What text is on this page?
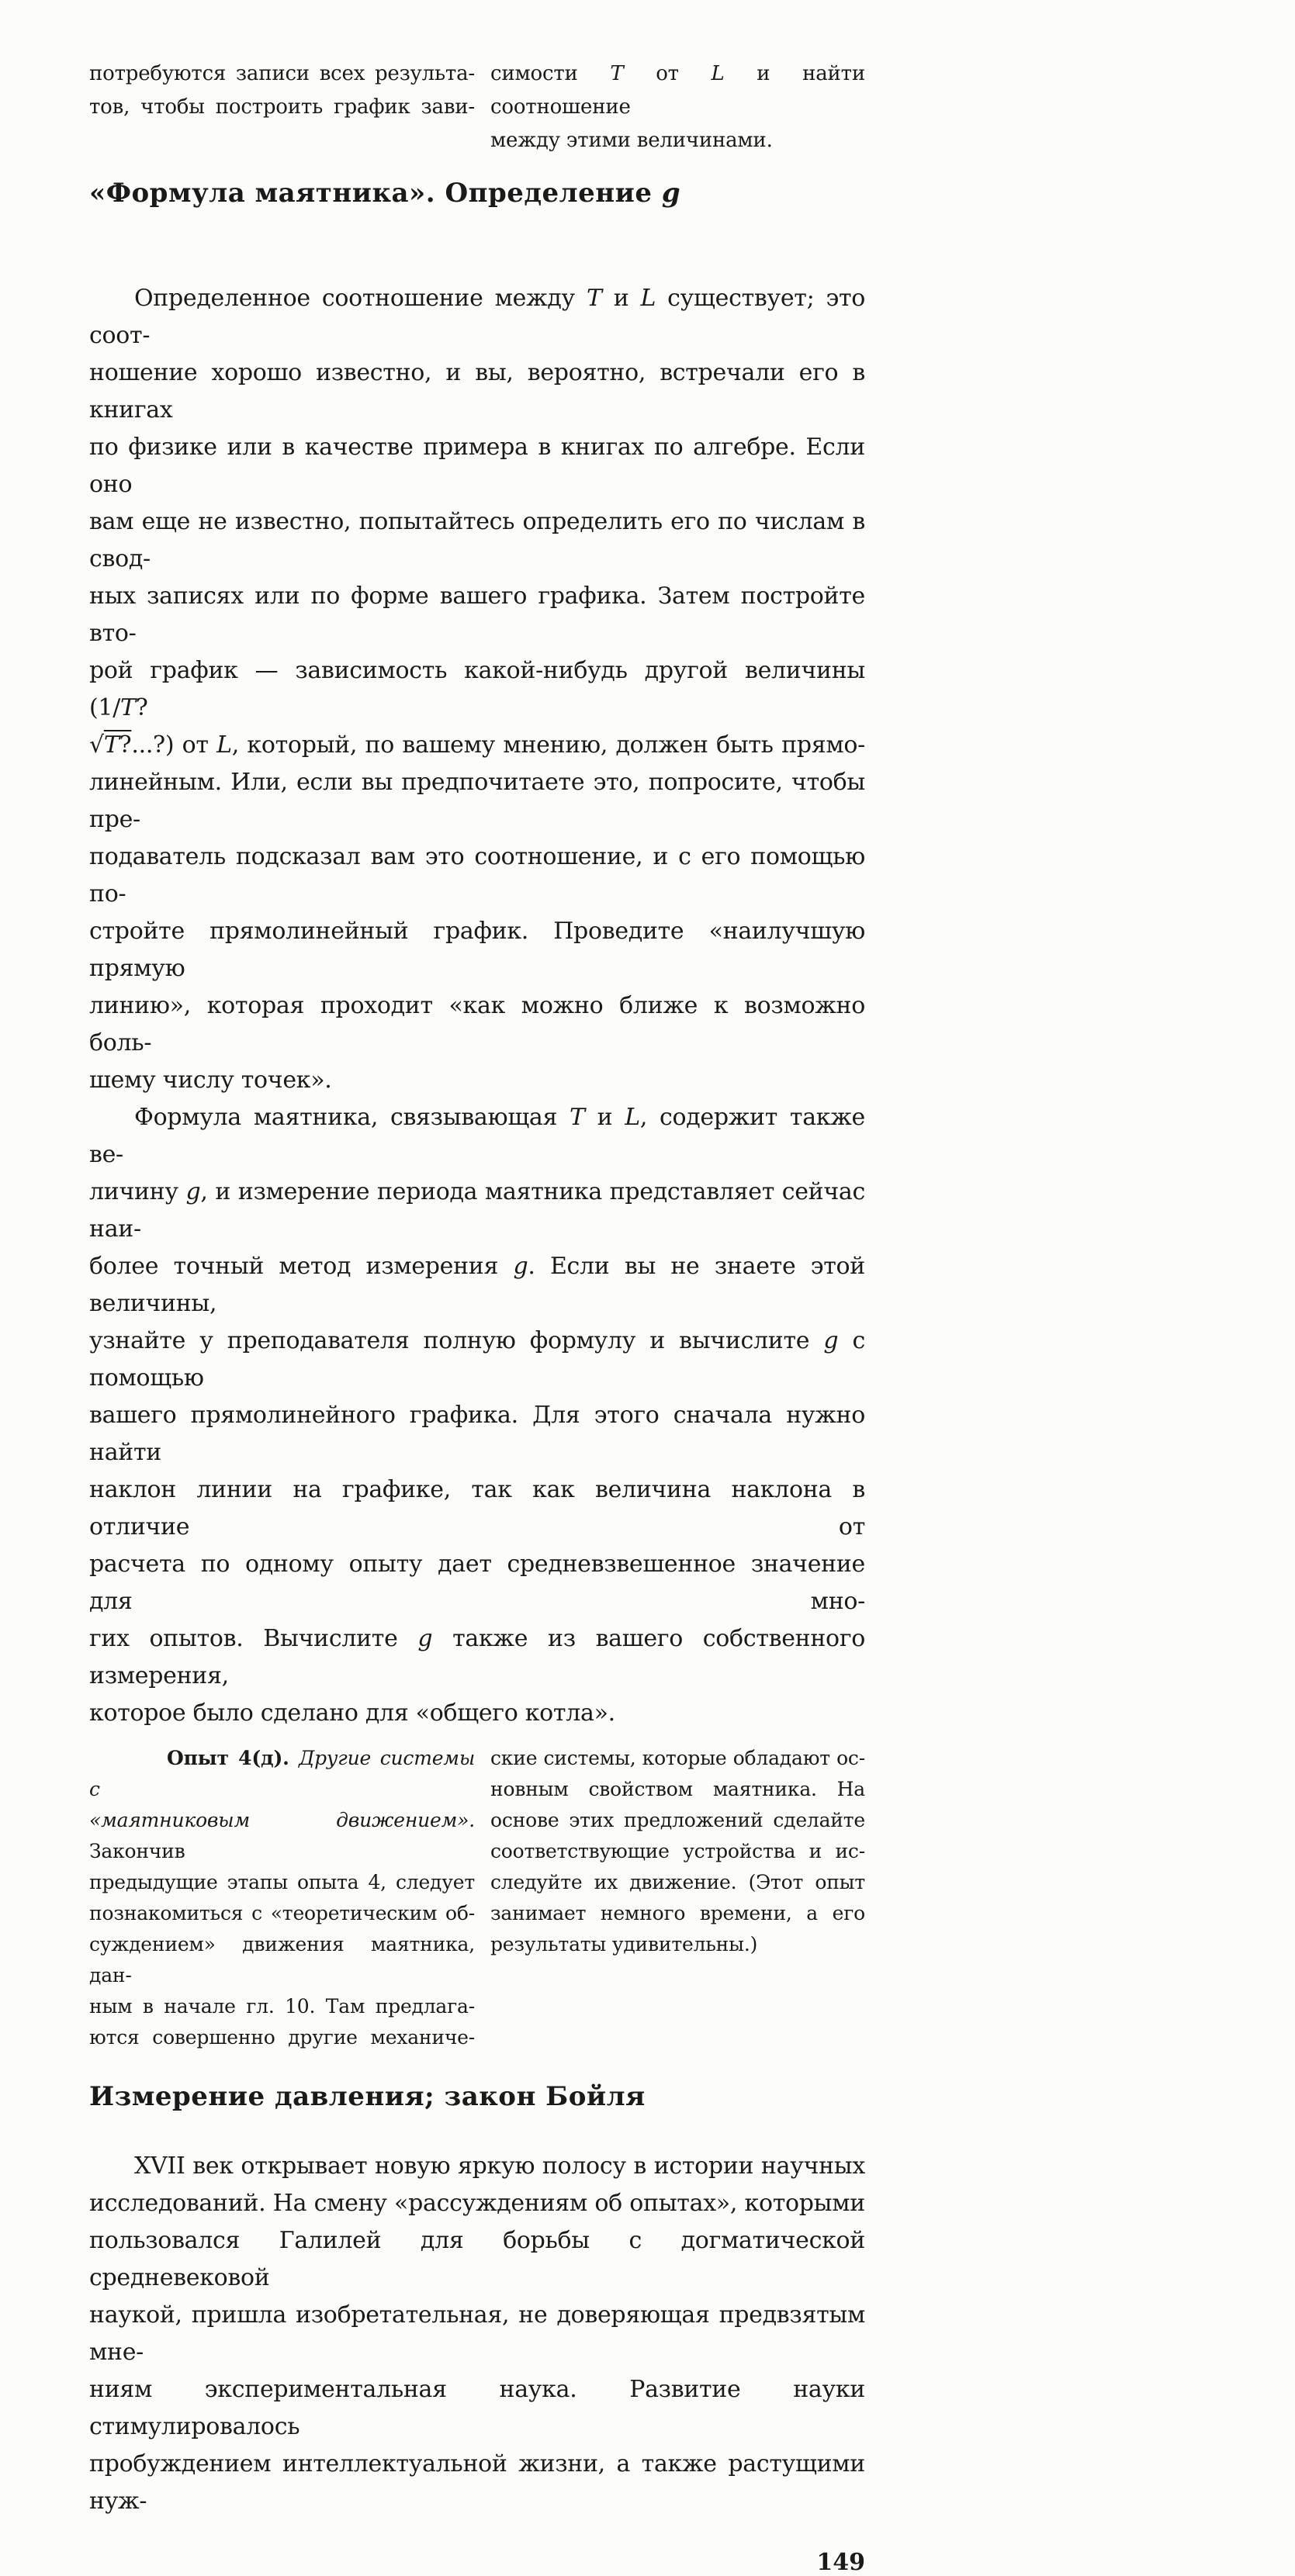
потребуются записи всех результа-
тов, чтобы построить график зави-
симости T от L и найти соотношение
между этими величинами.
«Формула маятника». Определение g
Определенное соотношение между T и L существует; это соот-
ношение хорошо известно, и вы, вероятно, встречали его в книгах
по физике или в качестве примера в книгах по алгебре. Если оно
вам еще не известно, попытайтесь определить его по числам в свод-
ных записях или по форме вашего графика. Затем постройте вто-
рой график — зависимость какой-нибудь другой величины (1/T?
√T?...?) от L, который, по вашему мнению, должен быть прямо-
линейным. Или, если вы предпочитаете это, попросите, чтобы пре-
подаватель подсказал вам это соотношение, и с его помощью по-
стройте прямолинейный график. Проведите «наилучшую прямую
линию», которая проходит «как можно ближе к возможно боль-
шему числу точек».
Формула маятника, связывающая T и L, содержит также ве-
личину g, и измерение периода маятника представляет сейчас наи-
более точный метод измерения g. Если вы не знаете этой величины,
узнайте у преподавателя полную формулу и вычислите g с помощью
вашего прямолинейного графика. Для этого сначала нужно найти
наклон линии на графике, так как величина наклона в отличие от
расчета по одному опыту дает средневзвешенное значение для мно-
гих опытов. Вычислите g также из вашего собственного измерения,
которое было сделано для «общего котла».
Опыт 4(д). Другие системы с
«маятниковым движением». Закончив
предыдущие этапы опыта 4, следует
познакомиться с «теоретическим об-
суждением» движения маятника, дан-
ным в начале гл. 10. Там предлага-
ются совершенно другие механиче-
ские системы, которые обладают ос-
новным свойством маятника. На
основе этих предложений сделайте
соответствующие устройства и ис-
следуйте их движение. (Этот опыт
занимает немного времени, а его
результаты удивительны.)
Измерение давления; закон Бойля
XVII век открывает новую яркую полосу в истории научных
исследований. На смену «рассуждениям об опытах», которыми
пользовался Галилей для борьбы с догматической средневековой
наукой, пришла изобретательная, не доверяющая предвзятым мне-
ниям экспериментальная наука. Развитие науки стимулировалось
пробуждением интеллектуальной жизни, а также растущими нуж-
149
